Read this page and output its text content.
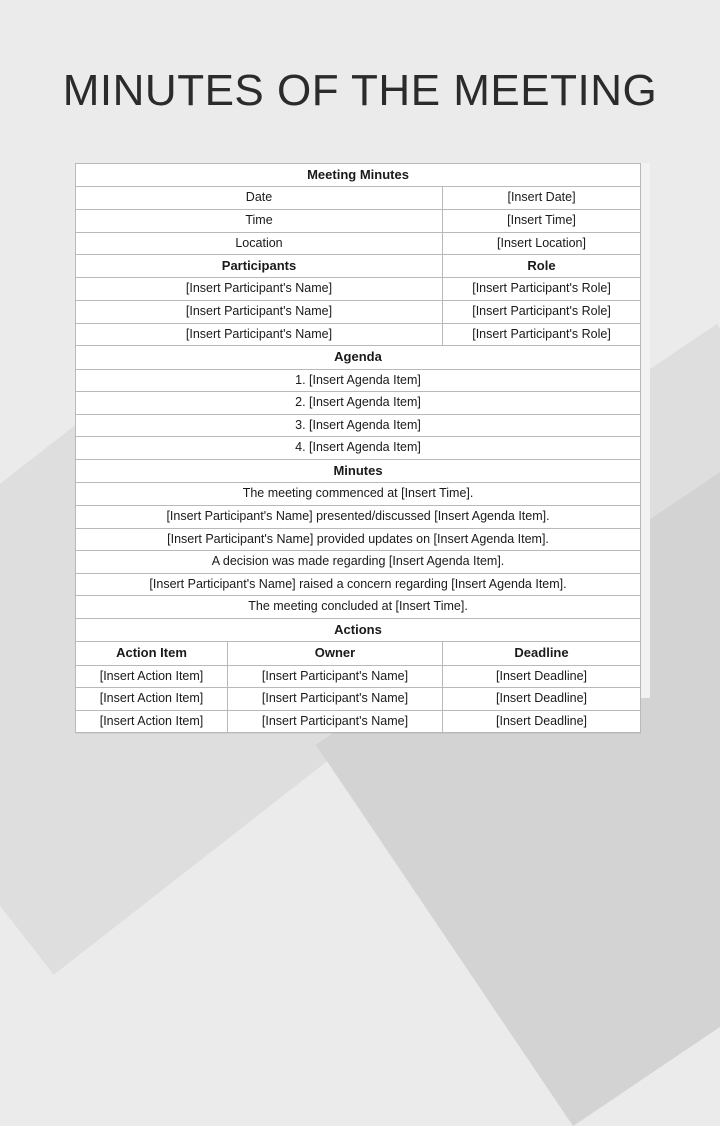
MINUTES OF THE MEETING
Meeting Minutes		
Date		[Insert Date]
Time		[Insert Time]
Location		[Insert Location]
Participants		Role
[Insert Participant's Name]		[Insert Participant's Role]
[Insert Participant's Name]		[Insert Participant's Role]
[Insert Participant's Name]		[Insert Participant's Role]
Agenda		
1. [Insert Agenda Item]		
2. [Insert Agenda Item]		
3. [Insert Agenda Item]		
4. [Insert Agenda Item]		
Minutes		
The meeting commenced at [Insert Time].		
[Insert Participant's Name] presented/discussed [Insert Agenda Item].		
[Insert Participant's Name] provided updates on [Insert Agenda Item].		
A decision was made regarding [Insert Agenda Item].		
[Insert Participant's Name] raised a concern regarding [Insert Agenda Item].		
The meeting concluded at [Insert Time].		
Actions		
Action Item	Owner	Deadline
[Insert Action Item]	[Insert Participant's Name]	[Insert Deadline]
[Insert Action Item]	[Insert Participant's Name]	[Insert Deadline]
[Insert Action Item]	[Insert Participant's Name]	[Insert Deadline]
